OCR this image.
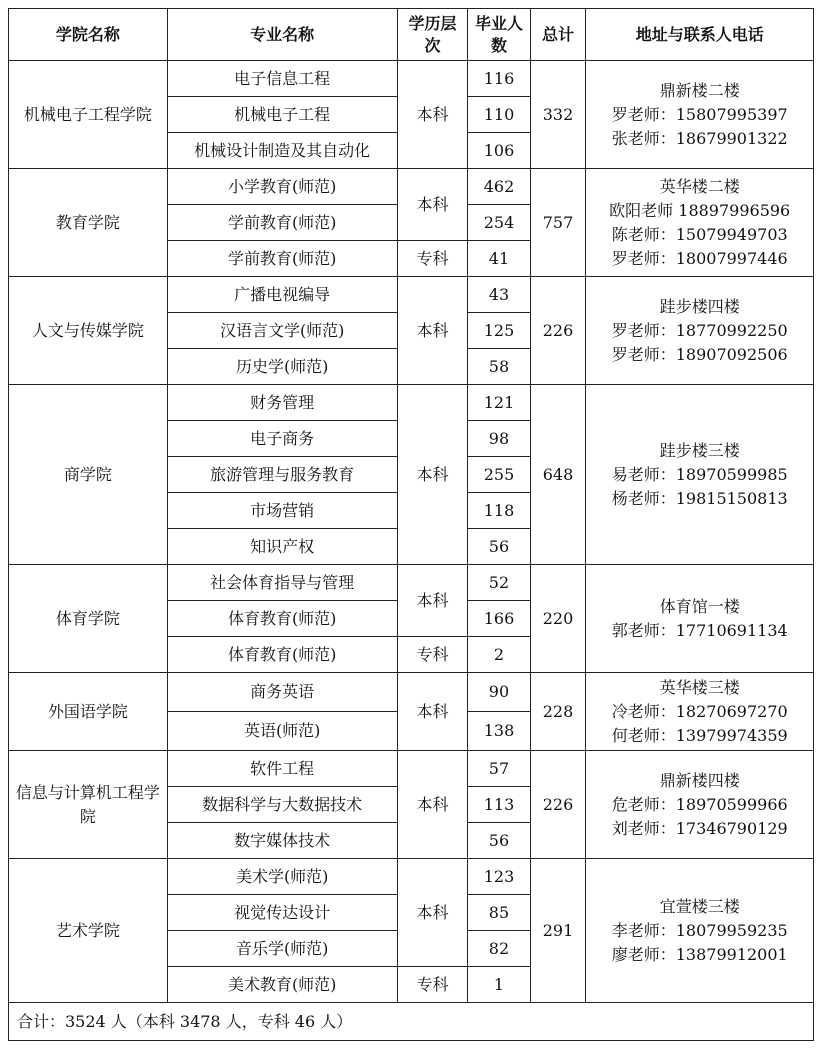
学院名称	专业名称	学历层次	毕业人数	总计	地址与联系人电话
机械电子工程学院	电子信息工程	本科	116	332	鼎新楼二楼
罗老师：15807995397
张老师：18679901322

	机械电子工程		110		
	机械设计制造及其自动化		106		
教育学院	小学教育(师范)	本科	462	757	英华楼二楼
欧阳老师 18897996596
陈老师：15079949703
罗老师：18007997446

	学前教育(师范)		254		
	学前教育(师范)	专科	41		
人文与传媒学院	广播电视编导	本科	43	226	跬步楼四楼
罗老师：18770992250
罗老师：18907092506

	汉语言文学(师范)		125		
	历史学(师范)		58		
商学院	财务管理	本科	121	648	跬步楼三楼
易老师：18970599985
杨老师：19815150813

	电子商务		98		
	旅游管理与服务教育		255		
	市场营销		118		
	知识产权		56		
体育学院	社会体育指导与管理	本科	52	220	体育馆一楼
郭老师：17710691134

	体育教育(师范)		166		
	体育教育(师范)	专科	2		
外国语学院	商务英语	本科	90	228	英华楼三楼
冷老师：18270697270
何老师：13979974359

	英语(师范)		138		
信息与计算机工程学院	软件工程	本科	57	226	鼎新楼四楼
危老师：18970599966
刘老师：17346790129

	数据科学与大数据技术		113		
	数字媒体技术		56		
艺术学院	美术学(师范)	本科	123	291	宜萱楼三楼
李老师：18079959235
廖老师：13879912001

	视觉传达设计		85		
	音乐学(师范)		82		
	美术教育(师范)	专科	1		
合计：3524 人（本科 3478 人，专科 46 人）					
